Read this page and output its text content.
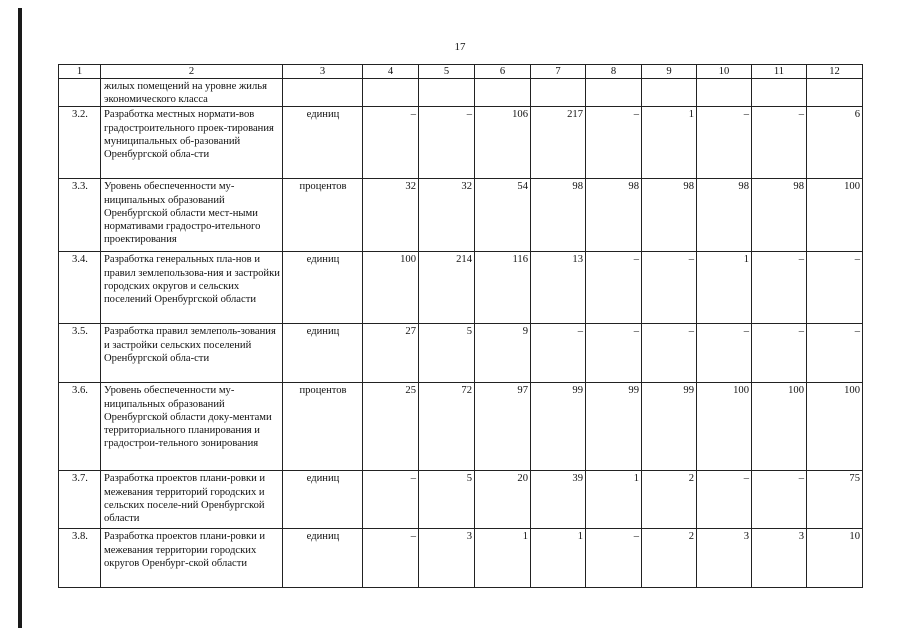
17
1	2	3	4	5	6	7	8	9	10	11	12
	жилых помещений на уровне жилья экономического класса										
3.2.	Разработка местных нормати-вов градостроительного проек-тирования муниципальных об-разований Оренбургской обла-сти	единиц	–	–	106	217	–	1	–	–	6
3.3.	Уровень обеспеченности му-ниципальных образований Оренбургской области мест-ными нормативами градостро-ительного проектирования	процентов	32	32	54	98	98	98	98	98	100
3.4.	Разработка генеральных пла-нов и правил землепользова-ния и застройки городских округов и сельских поселений Оренбургской области	единиц	100	214	116	13	–	–	1	–	–
3.5.	Разработка правил землеполь-зования и застройки сельских поселений Оренбургской обла-сти	единиц	27	5	9	–	–	–	–	–	–
3.6.	Уровень обеспеченности му-ниципальных образований Оренбургской области доку-ментами территориального планирования и градострои-тельного зонирования	процентов	25	72	97	99	99	99	100	100	100
3.7.	Разработка проектов плани-ровки и межевания территорий городских и сельских поселе-ний Оренбургской области	единиц	–	5	20	39	1	2	–	–	75
3.8.	Разработка проектов плани-ровки и межевания территории городских округов Оренбург-ской области	единиц	–	3	1	1	–	2	3	3	10
